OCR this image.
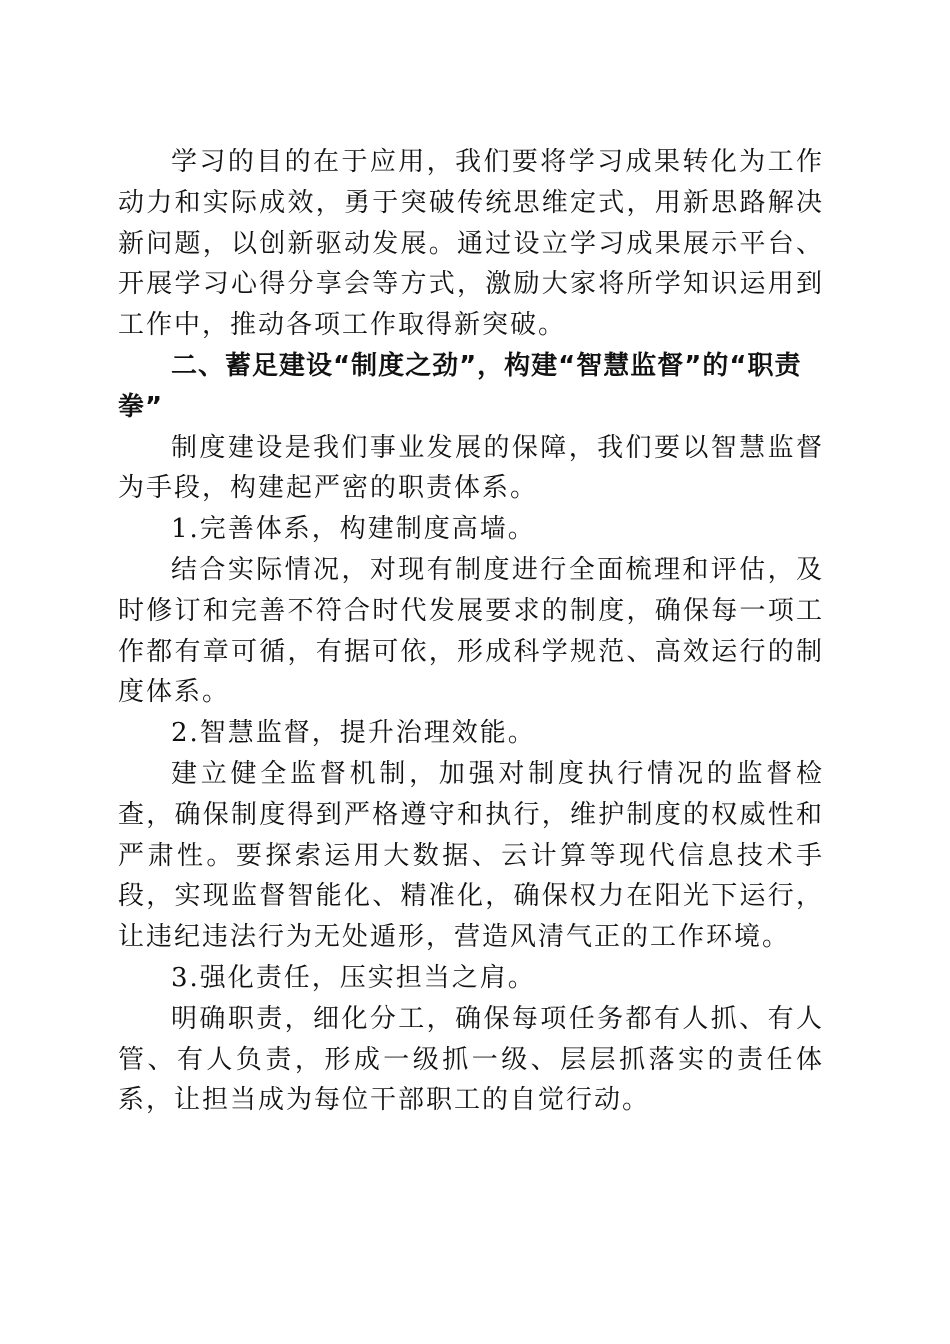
学习的目的在于应用，我们要将学习成果转化为工作动力和实际成效，勇于突破传统思维定式，用新思路解决新问题，以创新驱动发展。通过设立学习成果展示平台、开展学习心得分享会等方式，激励大家将所学知识运用到工作中，推动各项工作取得新突破。

二、蓄足建设“制度之劲”，构建“智慧监督”的“职责拳”

制度建设是我们事业发展的保障，我们要以智慧监督为手段，构建起严密的职责体系。

1.完善体系，构建制度高墙。

结合实际情况，对现有制度进行全面梳理和评估，及时修订和完善不符合时代发展要求的制度，确保每一项工作都有章可循，有据可依，形成科学规范、高效运行的制度体系。

2.智慧监督，提升治理效能。

建立健全监督机制，加强对制度执行情况的监督检查，确保制度得到严格遵守和执行，维护制度的权威性和严肃性。要探索运用大数据、云计算等现代信息技术手段，实现监督智能化、精准化，确保权力在阳光下运行，让违纪违法行为无处遁形，营造风清气正的工作环境。

3.强化责任，压实担当之肩。

明确职责，细化分工，确保每项任务都有人抓、有人管、有人负责，形成一级抓一级、层层抓落实的责任体系，让担当成为每位干部职工的自觉行动。
